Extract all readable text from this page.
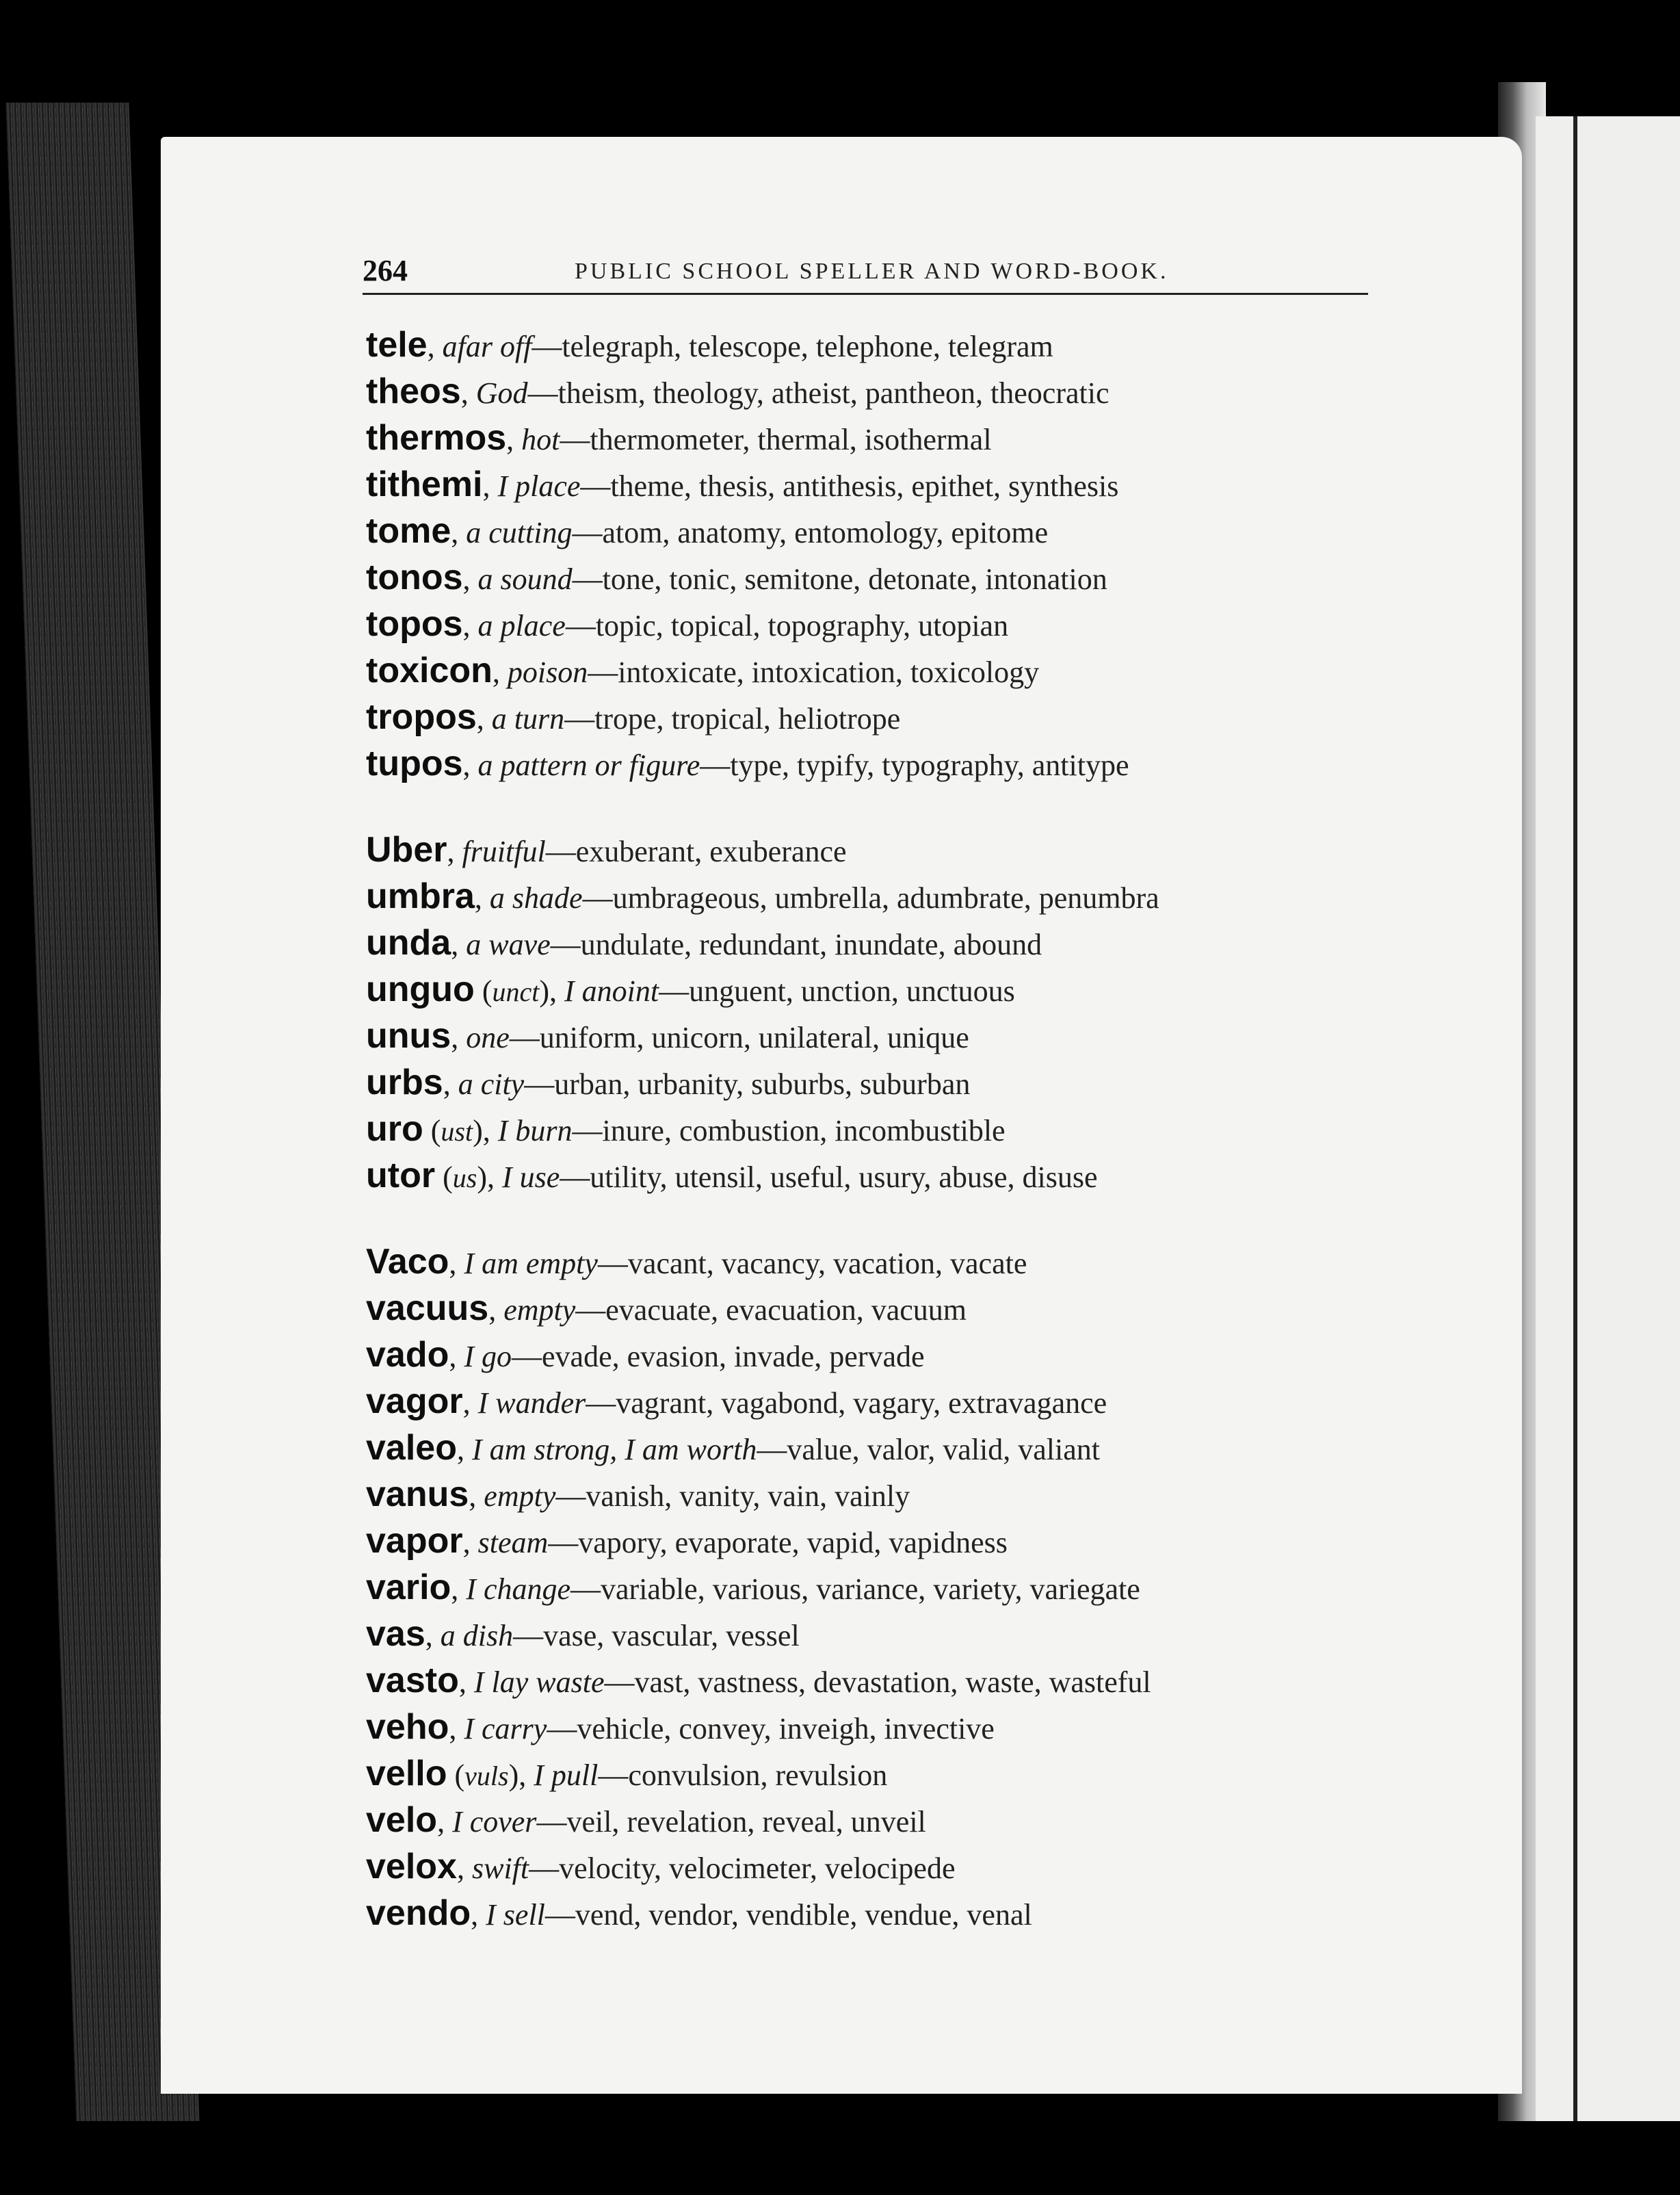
264	PUBLIC SCHOOL SPELLER AND WORD-BOOK.
tele, afar off—telegraph, telescope, telephone, telegram
theos, God—theism, theology, atheist, pantheon, theocratic
thermos, hot—thermometer, thermal, isothermal
tithemi, I place—theme, thesis, antithesis, epithet, synthesis
tome, a cutting—atom, anatomy, entomology, epitome
tonos, a sound—tone, tonic, semitone, detonate, intonation
topos, a place—topic, topical, topography, utopian
toxicon, poison—intoxicate, intoxication, toxicology
tropos, a turn—trope, tropical, heliotrope
tupos, a pattern or figure—type, typify, typography, antitype
Uber, fruitful—exuberant, exuberance
umbra, a shade—umbrageous, umbrella, adumbrate, penumbra
unda, a wave—undulate, redundant, inundate, abound
unguo (unct), I anoint—unguent, unction, unctuous
unus, one—uniform, unicorn, unilateral, unique
urbs, a city—urban, urbanity, suburbs, suburban
uro (ust), I burn—inure, combustion, incombustible
utor (us), I use—utility, utensil, useful, usury, abuse, disuse
Vaco, I am empty—vacant, vacancy, vacation, vacate
vacuus, empty—evacuate, evacuation, vacuum
vado, I go—evade, evasion, invade, pervade
vagor, I wander—vagrant, vagabond, vagary, extravagance
valeo, I am strong, I am worth—value, valor, valid, valiant
vanus, empty—vanish, vanity, vain, vainly
vapor, steam—vapory, evaporate, vapid, vapidness
vario, I change—variable, various, variance, variety, variegate
vas, a dish—vase, vascular, vessel
vasto, I lay waste—vast, vastness, devastation, waste, wasteful
veho, I carry—vehicle, convey, inveigh, invective
vello (vuls), I pull—convulsion, revulsion
velo, I cover—veil, revelation, reveal, unveil
velox, swift—velocity, velocimeter, velocipede
vendo, I sell—vend, vendor, vendible, vendue, venal
